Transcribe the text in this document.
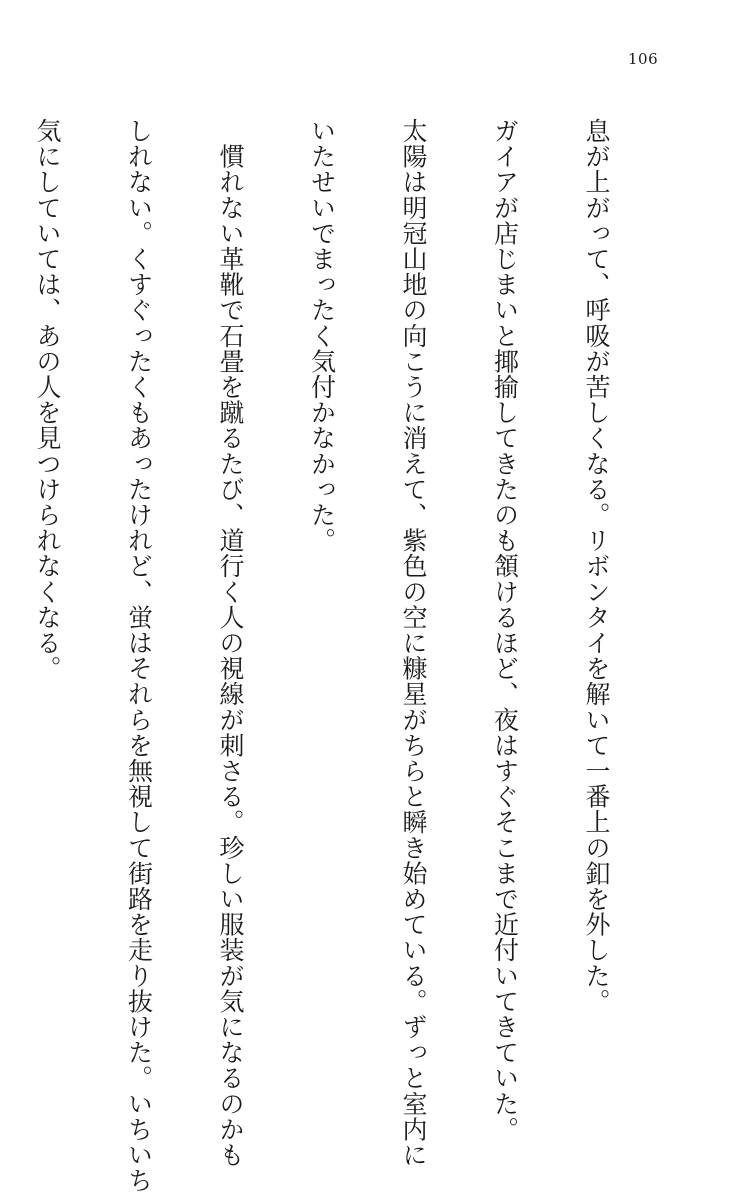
106

息が上がって、呼吸が苦しくなる。リボンタイを解いて一番上の釦を外した。

ガイアが店じまいと揶揄してきたのも頷けるほど、夜はすぐそこまで近付いてきていた。

太陽は明冠山地の向こうに消えて、紫色の空に糠星がちらと瞬き始めている。ずっと室内に

いたせいでまったく気付かなかった。

　慣れない革靴で石畳を蹴るたび、道行く人の視線が刺さる。珍しい服装が気になるのかも

しれない。くすぐったくもあったけれど、蛍はそれらを無視して街路を走り抜けた。いちいち

気にしていては、あの人を見つけられなくなる。
